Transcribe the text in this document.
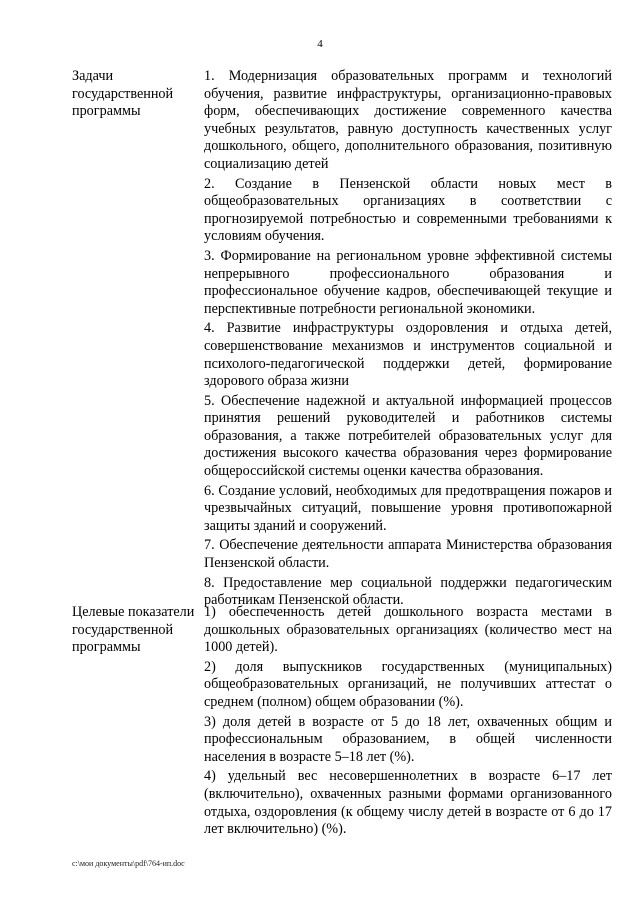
4
Задачи государственной программы

1. Модернизация образовательных программ и технологий обучения, развитие инфраструктуры, организационно-правовых форм, обеспечивающих достижение современного качества учебных результатов, равную доступность качественных услуг дошкольного, общего, дополнительного образования, позитивную социализацию детей

2. Создание в Пензенской области новых мест в общеобразовательных организациях в соответствии с прогнозируемой потребностью и современными требованиями к условиям обучения.

3. Формирование на региональном уровне эффективной системы непрерывного профессионального образования и профессиональное обучение кадров, обеспечивающей текущие и перспективные потребности региональной экономики.

4. Развитие инфраструктуры оздоровления и отдыха детей, совершенствование механизмов и инструментов социальной и психолого-педагогической поддержки детей, формирование здорового образа жизни

5. Обеспечение надежной и актуальной информацией процессов принятия решений руководителей и работников системы образования, а также потребителей образовательных услуг для достижения высокого качества образования через формирование общероссийской системы оценки качества образования.

6. Создание условий, необходимых для предотвращения пожаров и чрезвычайных ситуаций, повышение уровня противопожарной защиты зданий и сооружений.

7. Обеспечение деятельности аппарата Министерства образования Пензенской области.

8. Предоставление мер социальной поддержки педагогическим работникам Пензенской области.

Целевые показатели государственной программы

1) обеспеченность детей дошкольного возраста местами в дошкольных образовательных организациях (количество мест на 1000 детей).

2) доля выпускников государственных (муниципальных) общеобразовательных организаций, не получивших аттестат о среднем (полном) общем образовании (%).

3) доля детей в возрасте от 5 до 18 лет, охваченных общим и профессиональным образованием, в общей численности населения в возрасте 5–18 лет (%).

4) удельный вес несовершеннолетних в возрасте 6–17 лет (включительно), охваченных разными формами организованного отдыха, оздоровления (к общему числу детей в возрасте от 6 до 17 лет включительно) (%).

c:\мои документы\pdf\764-ип.doc
